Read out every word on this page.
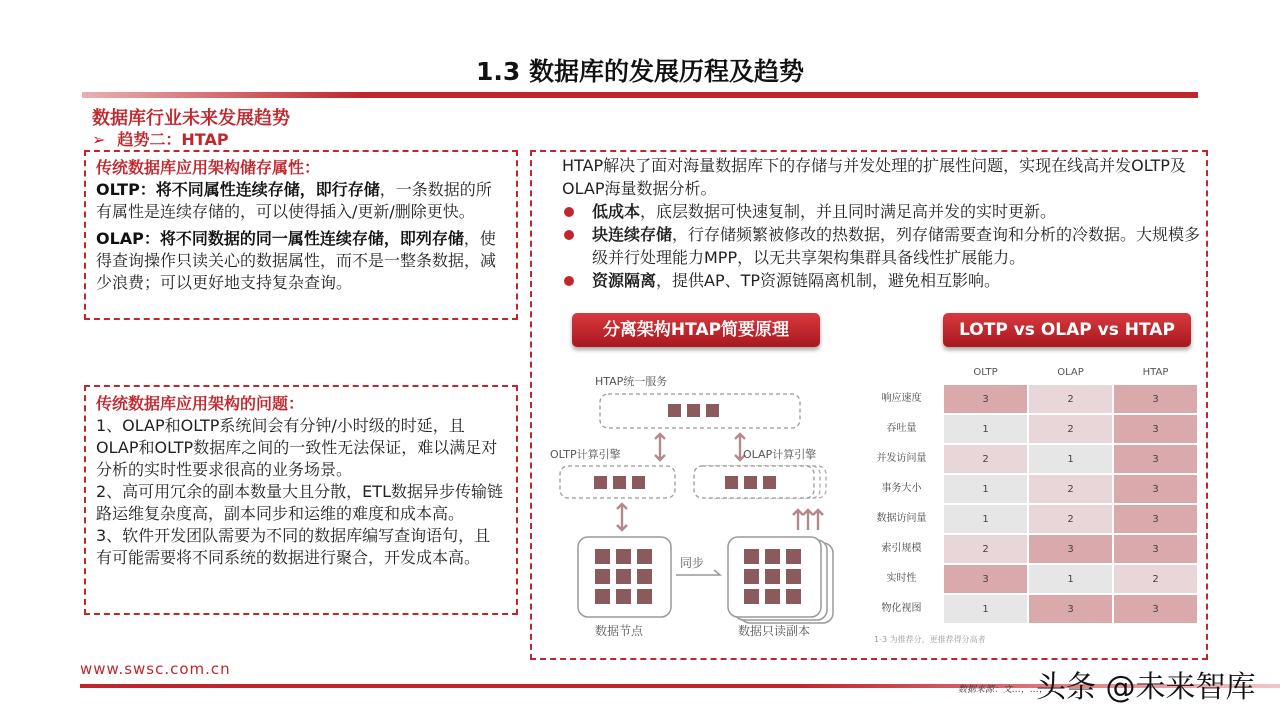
1.3 数据库的发展历程及趋势
数据库行业未来发展趋势
➢ 趋势二：HTAP
传统数据库应用架构储存属性：
OLTP：将不同属性连续存储，即行存储，一条数据的所有属性是连续存储的，可以使得插入/更新/删除更快。
OLAP：将不同数据的同一属性连续存储，即列存储，使得查询操作只读关心的数据属性，而不是一整条数据，减少浪费；可以更好地支持复杂查询。
传统数据库应用架构的问题：
1、OLAP和OLTP系统间会有分钟/小时级的时延，且OLAP和OLTP数据库之间的一致性无法保证，难以满足对分析的实时性要求很高的业务场景。
2、高可用冗余的副本数量大且分散，ETL数据异步传输链路运维复杂度高，副本同步和运维的难度和成本高。
3、软件开发团队需要为不同的数据库编写查询语句，且有可能需要将不同系统的数据进行聚合，开发成本高。
HTAP解决了面对海量数据库下的存储与并发处理的扩展性问题，实现在线高并发OLTP及OLAP海量数据分析。
低成本，底层数据可快速复制，并且同时满足高并发的实时更新。
块连续存储，行存储频繁被修改的热数据，列存储需要查询和分析的冷数据。大规模多级并行处理能力MPP，以无共享架构集群具备线性扩展能力。
资源隔离，提供AP、TP资源链隔离机制，避免相互影响。
分离架构HTAP简要原理	LOTP vs OLAP vs HTAP
HTAP统一服务
OLTP计算引擎	OLAP计算引擎
同步
数据节点	数据只读副本
OLTP	OLAP	HTAP
响应速度	3	2	3
吞吐量	1	2	3
并发访问量	2	1	3
事务大小	1	2	3
数据访问量	1	2	3
索引规模	2	3	3
实时性	3	1	2
物化视图	1	3	3
1-3 为推荐分，更推荐得分高者
www.swsc.com.cn
数据来源：文…，…，…
头条 @未来智库
